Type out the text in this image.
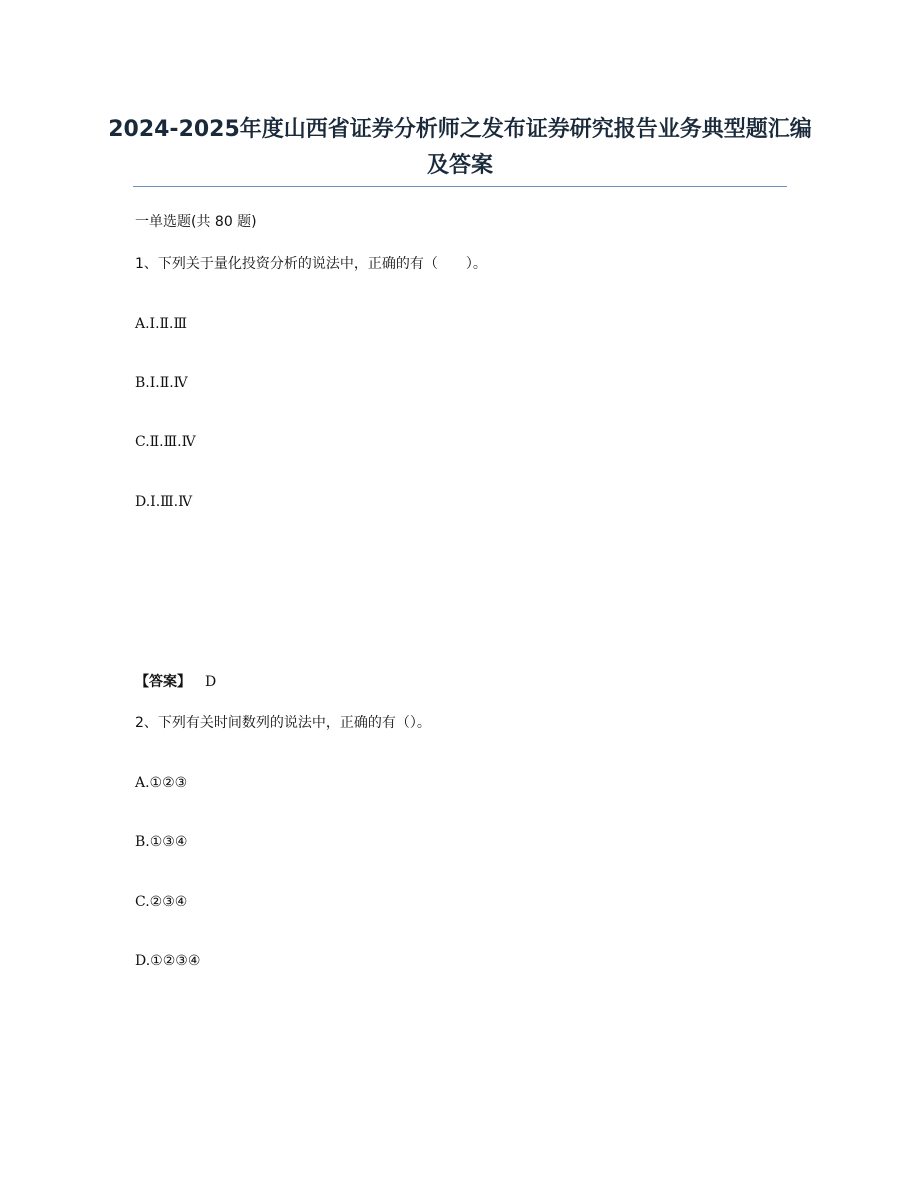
2024-2025年度山西省证券分析师之发布证券研究报告业务典型题汇编及答案
一单选题(共 80 题)
1、下列关于量化投资分析的说法中，正确的有（　　）。
A.Ⅰ.Ⅱ.Ⅲ
B.Ⅰ.Ⅱ.Ⅳ
C.Ⅱ.Ⅲ.Ⅳ
D.Ⅰ.Ⅲ.Ⅳ
【答案】 D
2、下列有关时间数列的说法中，正确的有（）。
A.①②③
B.①③④
C.②③④
D.①②③④
